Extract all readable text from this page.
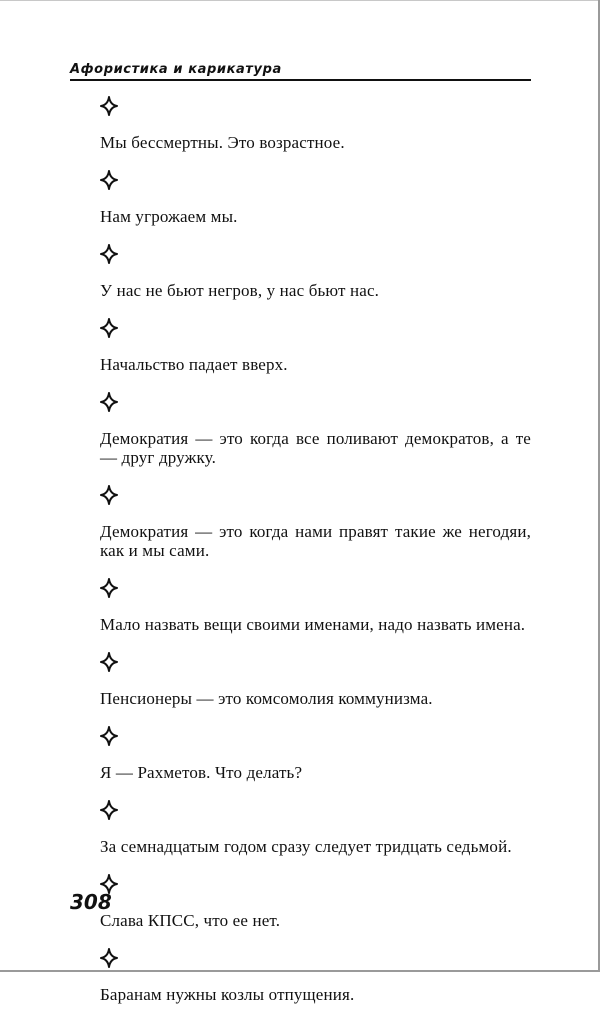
Афористика и карикатура

Мы бессмертны. Это возрастное.

Нам угрожаем мы.

У нас не бьют негров, у нас бьют нас.

Начальство падает вверх.

Демократия — это когда все поливают демократов, а те — друг дружку.

Демократия — это когда нами правят такие же негодяи, как и мы сами.

Мало назвать вещи своими именами, надо назвать имена.

Пенсионеры — это комсомолия коммунизма.

Я — Рахметов. Что делать?

За семнадцатым годом сразу следует тридцать седьмой.

Слава КПСС, что ее нет.

Баранам нужны козлы отпущения.

308
